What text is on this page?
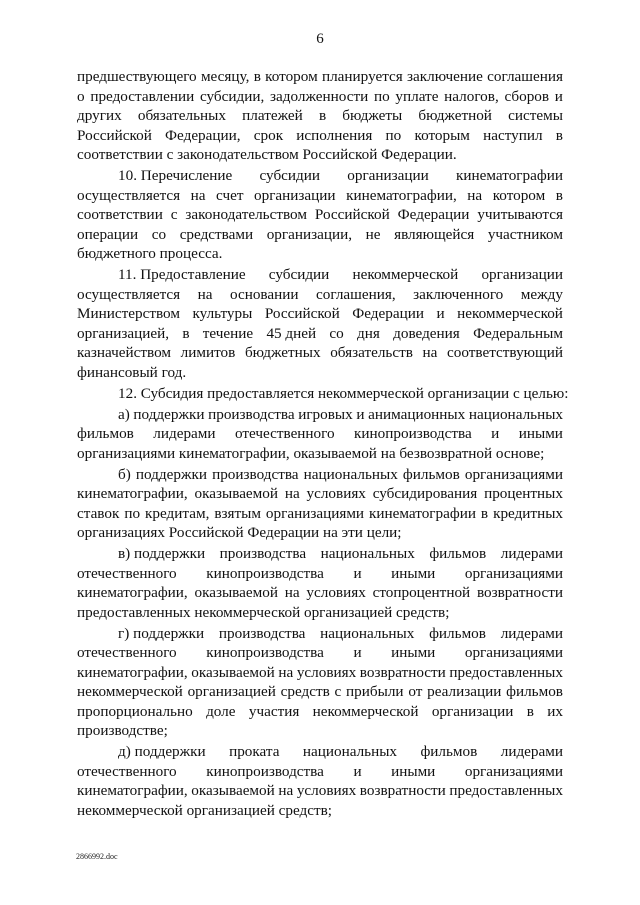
6
предшествующего месяцу, в котором планируется заключение соглашения
о предоставлении субсидии, задолженности по уплате налогов, сборов и
других обязательных платежей в бюджеты бюджетной системы
Российской Федерации, срок исполнения по которым наступил в
соответствии с законодательством Российской Федерации.
10. Перечисление субсидии организации кинематографии
осуществляется на счет организации кинематографии, на котором в
соответствии с законодательством Российской Федерации учитываются
операции со средствами организации, не являющейся участником
бюджетного процесса.
11. Предоставление субсидии некоммерческой организации
осуществляется на основании соглашения, заключенного между
Министерством культуры Российской Федерации и некоммерческой
организацией, в течение 45 дней со дня доведения Федеральным
казначейством лимитов бюджетных обязательств на соответствующий
финансовый год.
12. Субсидия предоставляется некоммерческой организации с целью:
а) поддержки производства игровых и анимационных национальных
фильмов лидерами отечественного кинопроизводства и иными
организациями кинематографии, оказываемой на безвозвратной основе;
б) поддержки производства национальных фильмов организациями
кинематографии, оказываемой на условиях субсидирования процентных
ставок по кредитам, взятым организациями кинематографии в кредитных
организациях Российской Федерации на эти цели;
в) поддержки производства национальных фильмов лидерами
отечественного кинопроизводства и иными организациями
кинематографии, оказываемой на условиях стопроцентной возвратности
предоставленных некоммерческой организацией средств;
г) поддержки производства национальных фильмов лидерами
отечественного кинопроизводства и иными организациями
кинематографии, оказываемой на условиях возвратности предоставленных
некоммерческой организацией средств с прибыли от реализации фильмов
пропорционально доле участия некоммерческой организации в их
производстве;
д) поддержки проката национальных фильмов лидерами
отечественного кинопроизводства и иными организациями
кинематографии, оказываемой на условиях возвратности предоставленных
некоммерческой организацией средств;
2866992.doc
